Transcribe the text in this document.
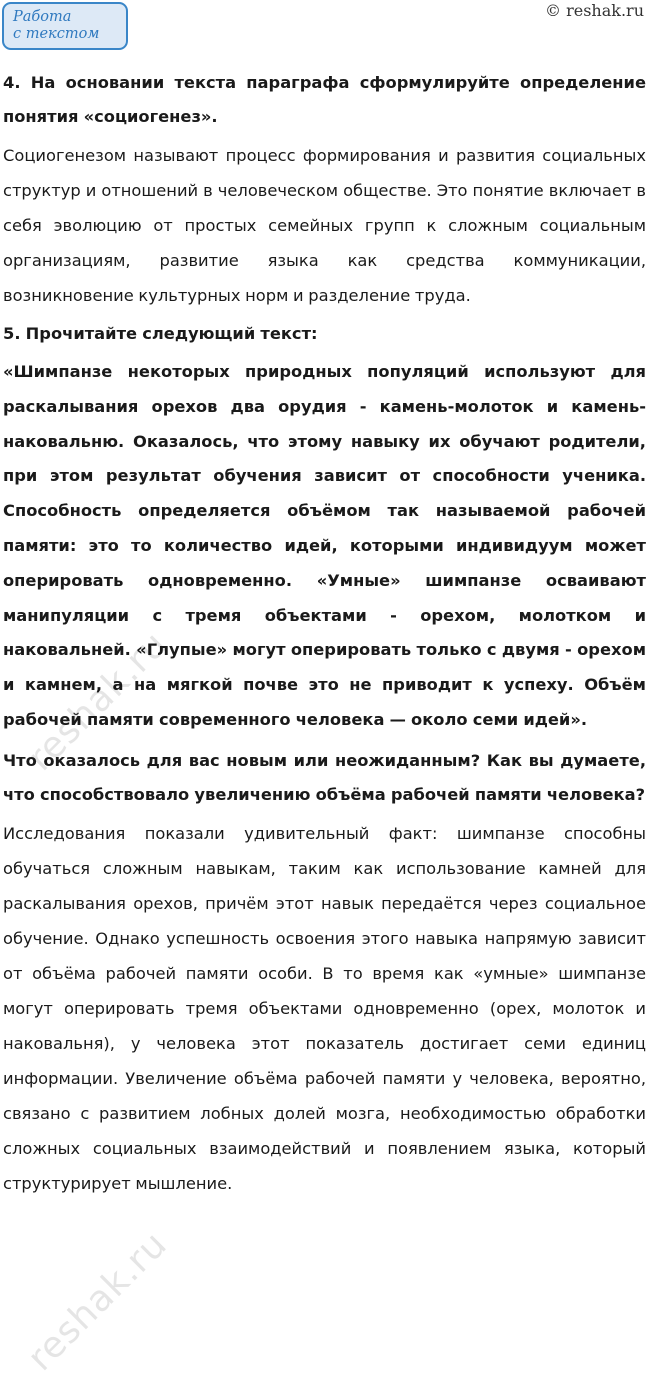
Работа
с текстом
© reshak.ru

4. На основании текста параграфа сформулируйте определение понятия «социогенез».

Социогенезом называют процесс формирования и развития социальных структур и отношений в человеческом обществе. Это понятие включает в себя эволюцию от простых семейных групп к сложным социальным организациям, развитие языка как средства коммуникации, возникновение культурных норм и разделение труда.

5. Прочитайте следующий текст:

«Шимпанзе некоторых природных популяций используют для раскалывания орехов два орудия - камень-молоток и камень-наковальню. Оказалось, что этому навыку их обучают родители, при этом результат обучения зависит от способности ученика. Способность определяется объёмом так называемой рабочей памяти: это то количество идей, которыми индивидуум может оперировать одновременно. «Умные» шимпанзе осваивают манипуляции с тремя объектами - орехом, молотком и наковальней. «Глупые» могут оперировать только с двумя - орехом и камнем, а на мягкой почве это не приводит к успеху. Объём рабочей памяти современного человека — около семи идей».

Что оказалось для вас новым или неожиданным? Как вы думаете, что способствовало увеличению объёма рабочей памяти человека?

Исследования показали удивительный факт: шимпанзе способны обучаться сложным навыкам, таким как использование камней для раскалывания орехов, причём этот навык передаётся через социальное обучение. Однако успешность освоения этого навыка напрямую зависит от объёма рабочей памяти особи. В то время как «умные» шимпанзе могут оперировать тремя объектами одновременно (орех, молоток и наковальня), у человека этот показатель достигает семи единиц информации. Увеличение объёма рабочей памяти у человека, вероятно, связано с развитием лобных долей мозга, необходимостью обработки сложных социальных взаимодействий и появлением языка, который структурирует мышление.

reshak.ru
reshak.ru
